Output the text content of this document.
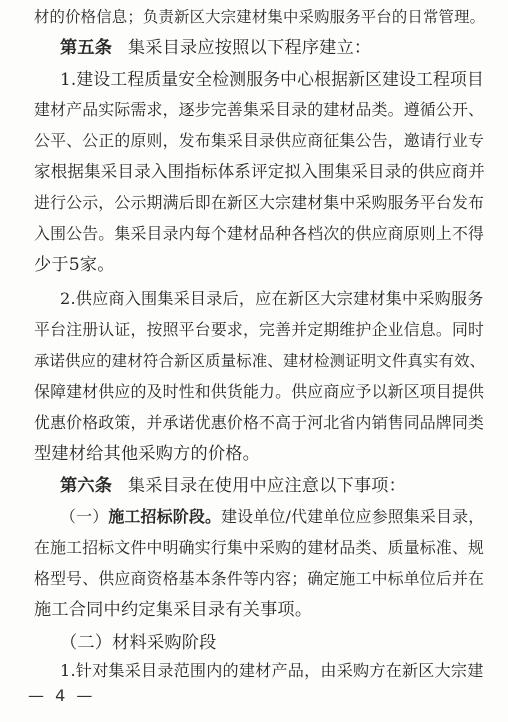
材的价格信息；负责新区大宗建材集中采购服务平台的日常管理。
第五条 集采目录应按照以下程序建立：
1.建设工程质量安全检测服务中心根据新区建设工程项目
建材产品实际需求，逐步完善集采目录的建材品类。遵循公开、
公平、公正的原则，发布集采目录供应商征集公告，邀请行业专
家根据集采目录入围指标体系评定拟入围集采目录的供应商并
进行公示，公示期满后即在新区大宗建材集中采购服务平台发布
入围公告。集采目录内每个建材品种各档次的供应商原则上不得
少于5家。
2.供应商入围集采目录后，应在新区大宗建材集中采购服务
平台注册认证，按照平台要求，完善并定期维护企业信息。同时
承诺供应的建材符合新区质量标准、建材检测证明文件真实有效、
保障建材供应的及时性和供货能力。供应商应予以新区项目提供
优惠价格政策，并承诺优惠价格不高于河北省内销售同品牌同类
型建材给其他采购方的价格。
第六条 集采目录在使用中应注意以下事项：
（一）施工招标阶段。建设单位/代建单位应参照集采目录，
在施工招标文件中明确实行集中采购的建材品类、质量标准、规
格型号、供应商资格基本条件等内容；确定施工中标单位后并在
施工合同中约定集采目录有关事项。
（二）材料采购阶段
1.针对集采目录范围内的建材产品，由采购方在新区大宗建
— 4 —
